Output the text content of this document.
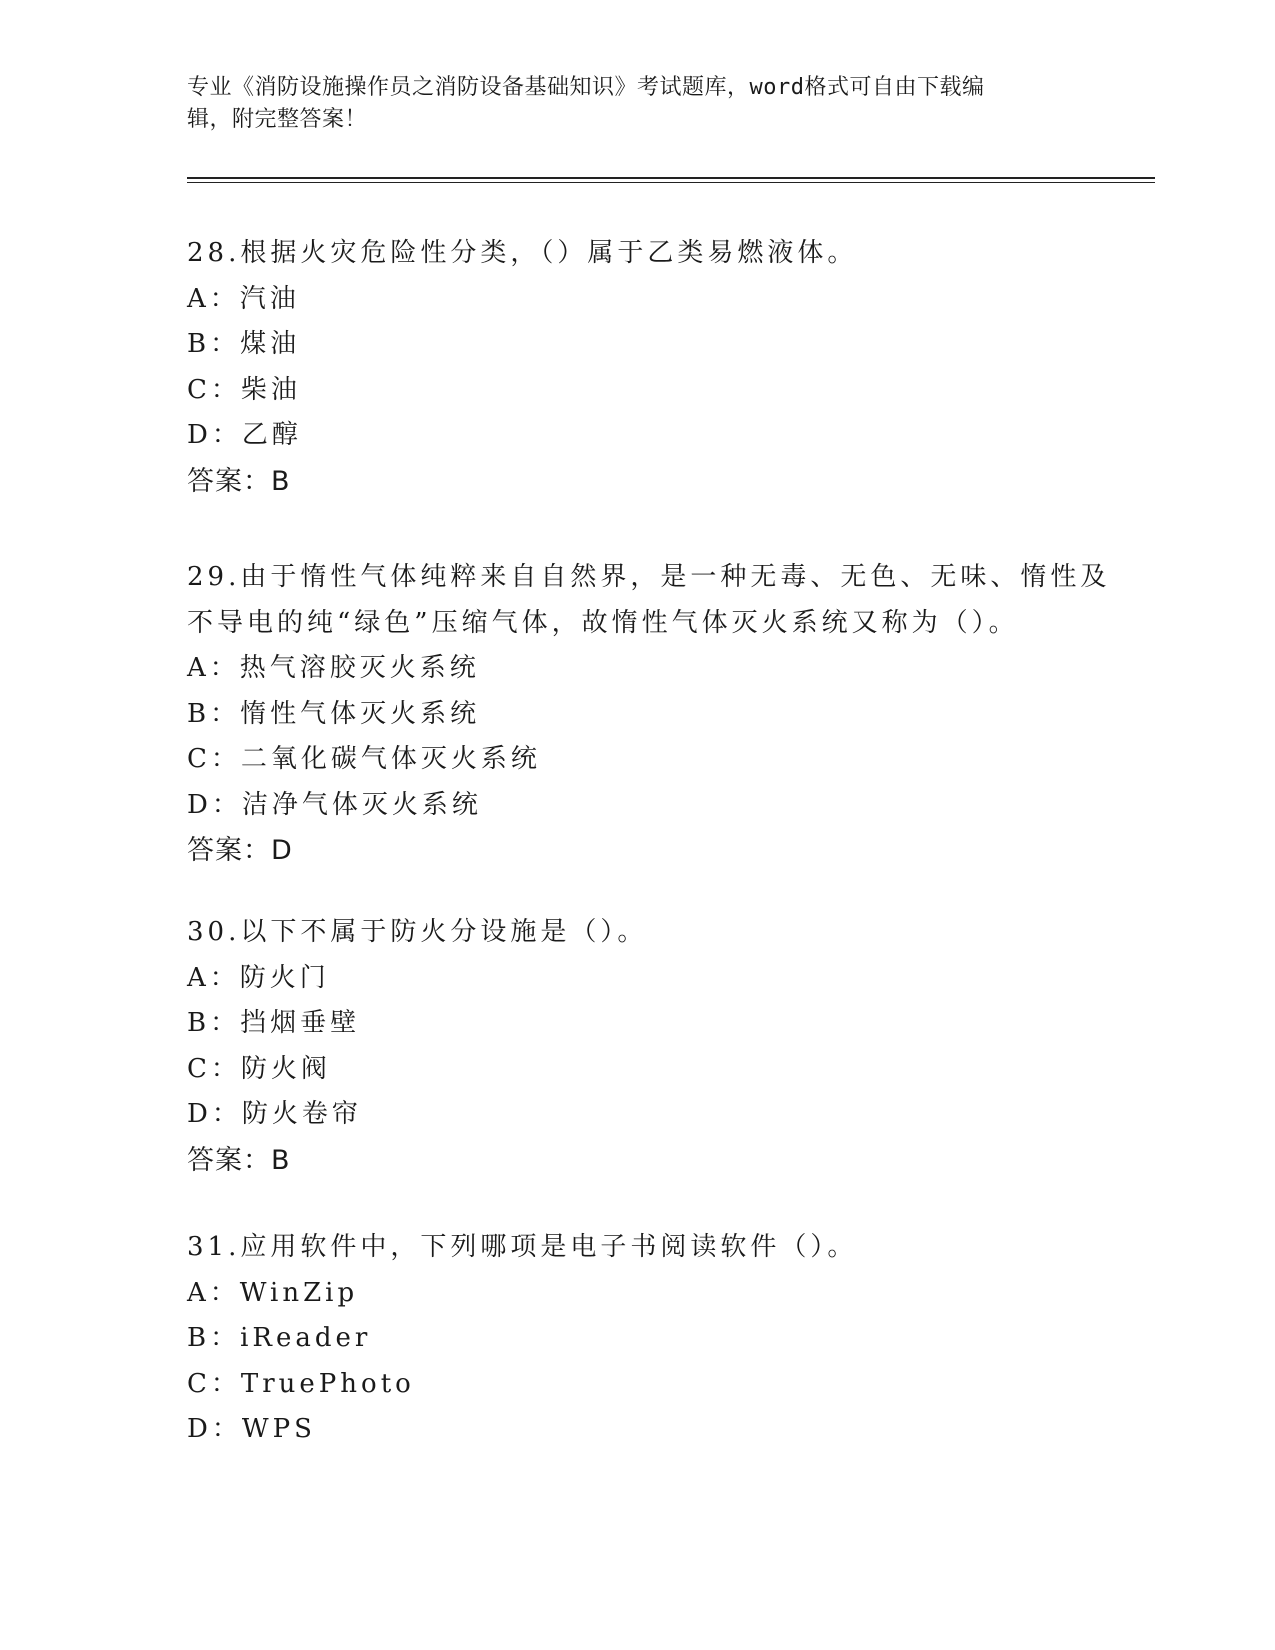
专业《消防设施操作员之消防设备基础知识》考试题库，word格式可自由下载编
辑，附完整答案！
28.根据火灾危险性分类，（）属于乙类易燃液体。
A：汽油
B：煤油
C：柴油
D：乙醇
答案：B
29.由于惰性气体纯粹来自自然界，是一种无毒、无色、无味、惰性及
不导电的纯“绿色”压缩气体，故惰性气体灭火系统又称为（）。
A：热气溶胶灭火系统
B：惰性气体灭火系统
C：二氧化碳气体灭火系统
D：洁净气体灭火系统
答案：D
30.以下不属于防火分设施是（）。
A：防火门
B：挡烟垂壁
C：防火阀
D：防火卷帘
答案：B
31.应用软件中，下列哪项是电子书阅读软件（）。
A：WinZip
B：iReader
C：TruePhoto
D：WPS
